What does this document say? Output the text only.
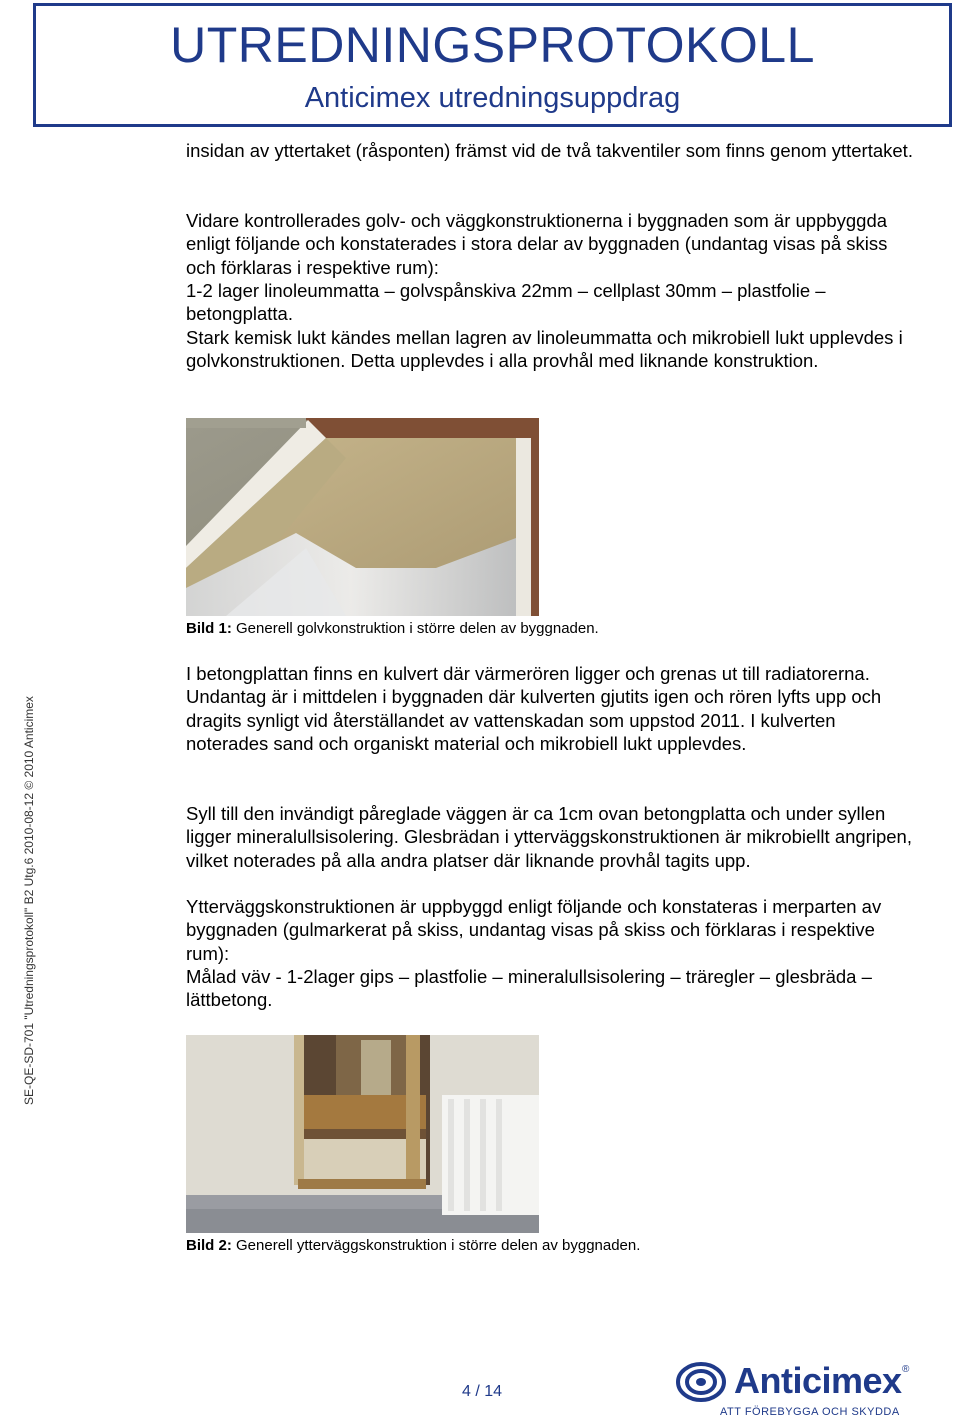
UTREDNINGSPROTOKOLL
Anticimex utredningsuppdrag

insidan av yttertaket (råsponten) främst vid de två takventiler som finns genom yttertaket.

Vidare kontrollerades golv- och väggkonstruktionerna i byggnaden som är uppbyggda enligt följande och konstaterades i stora delar av byggnaden (undantag visas på skiss och förklaras i respektive rum):

1-2 lager linoleummatta – golvspånskiva 22mm – cellplast 30mm – plastfolie – betongplatta.

Stark kemisk lukt kändes mellan lagren av linoleummatta och mikrobiell lukt upplevdes i golvkonstruktionen. Detta upplevdes i alla provhål med liknande konstruktion.

Bild 1: Generell golvkonstruktion i större delen av byggnaden.

I betongplattan finns en kulvert där värmerören ligger och grenas ut till radiatorerna. Undantag är i mittdelen i byggnaden där kulverten gjutits igen och rören lyfts upp och dragits synligt vid återställandet av vattenskadan som uppstod 2011. I kulverten noterades sand och organiskt material och mikrobiell lukt upplevdes.

Syll till den invändigt påreglade väggen är ca 1cm ovan betongplatta och under syllen ligger mineralullsisolering. Glesbrädan i ytterväggskonstruktionen är mikrobiellt angripen, vilket noterades på alla andra platser där liknande provhål tagits upp.

Ytterväggskonstruktionen är uppbyggd enligt följande och konstateras i merparten av byggnaden (gulmarkerat på skiss, undantag visas på skiss och förklaras i respektive rum):

Målad väv - 1-2lager gips – plastfolie – mineralullsisolering – träregler – glesbräda – lättbetong.

Bild 2: Generell ytterväggskonstruktion i större delen av byggnaden.
SE-QE-SD-701 "Utredningsprotokoll" B2 Utg.6 2010-08-12 © 2010 Anticimex
4 / 14	Anticimex ®
ATT FÖREBYGGA OCH SKYDDA
